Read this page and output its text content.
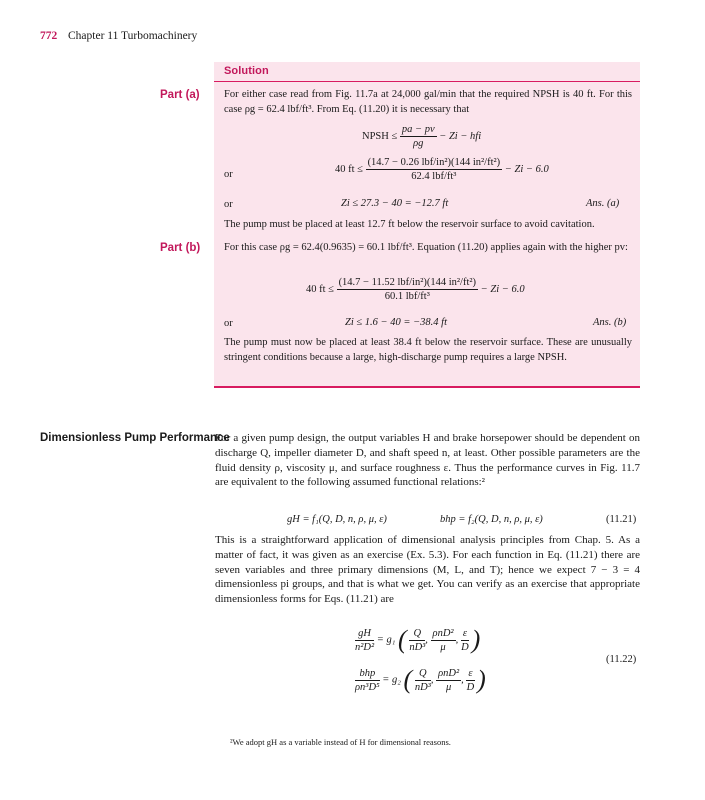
772 Chapter 11 Turbomachinery
Solution
Part (a) For either case read from Fig. 11.7a at 24,000 gal/min that the required NPSH is 40 ft. For this case ρg = 62.4 lbf/ft³. From Eq. (11.20) it is necessary that
NPSH ≤ $\frac{pa - pv}{\rho g} - Zi$ − hfi
or	40 ft ≤ $\frac{\text{(14.7 − 0.26 lbf/in²)(144 in²/ft²)}}{\text{62.4 lbf/ft³}} - Zi - 6.0$
or	Zi ≤ 27.3 − 40 = −12.7 ft	Ans. (a)
The pump must be placed at least 12.7 ft below the reservoir surface to avoid cavitation.
Part (b) For this case ρg = 62.4(0.9635) = 60.1 lbf/ft³. Equation (11.20) applies again with the higher pv:
40 ft ≤ $\frac{\text{(14.7 − 11.52 lbf/in²)(144 in²/ft²)}}{\text{60.1 lbf/ft³}} - Zi - 6.0$
or	Zi ≤ 1.6 − 40 = −38.4 ft	Ans. (b)
The pump must now be placed at least 38.4 ft below the reservoir surface. These are unusually stringent conditions because a large, high-discharge pump requires a large NPSH.
Dimensionless Pump Performance
For a given pump design, the output variables H and brake horsepower should be dependent on discharge Q, impeller diameter D, and shaft speed n, at least. Other possible parameters are the fluid density ρ, viscosity μ, and surface roughness ε. Thus the performance curves in Fig. 11.7 are equivalent to the following assumed functional relations:²
gH = f₁(Q, D, n, ρ, μ, ε)	bhp = f₂(Q, D, n, ρ, μ, ε)	(11.21)
This is a straightforward application of dimensional analysis principles from Chap. 5. As a matter of fact, it was given as an exercise (Ex. 5.3). For each function in Eq. (11.21) there are seven variables and three primary dimensions (M, L, and T); hence we expect 7 − 3 = 4 dimensionless pi groups, and that is what we get. You can verify as an exercise that appropriate dimensionless forms for Eqs. (11.21) are
$\frac{gH}{\text{n²D²}} = g_1$ ( $\frac{Q}{\text{nD³}}$ , $\frac{\text{ρnD²}}{\mu}$ , $\frac{\varepsilon}{D}$ )
(11.22)
$\frac{\text{bhp}}{\text{ρn³D⁵}} = g_2$ ( $\frac{Q}{\text{nD³}}$ , $\frac{\text{ρnD²}}{\mu}$ , $\frac{\varepsilon}{D}$ )
²We adopt gH as a variable instead of H for dimensional reasons.
